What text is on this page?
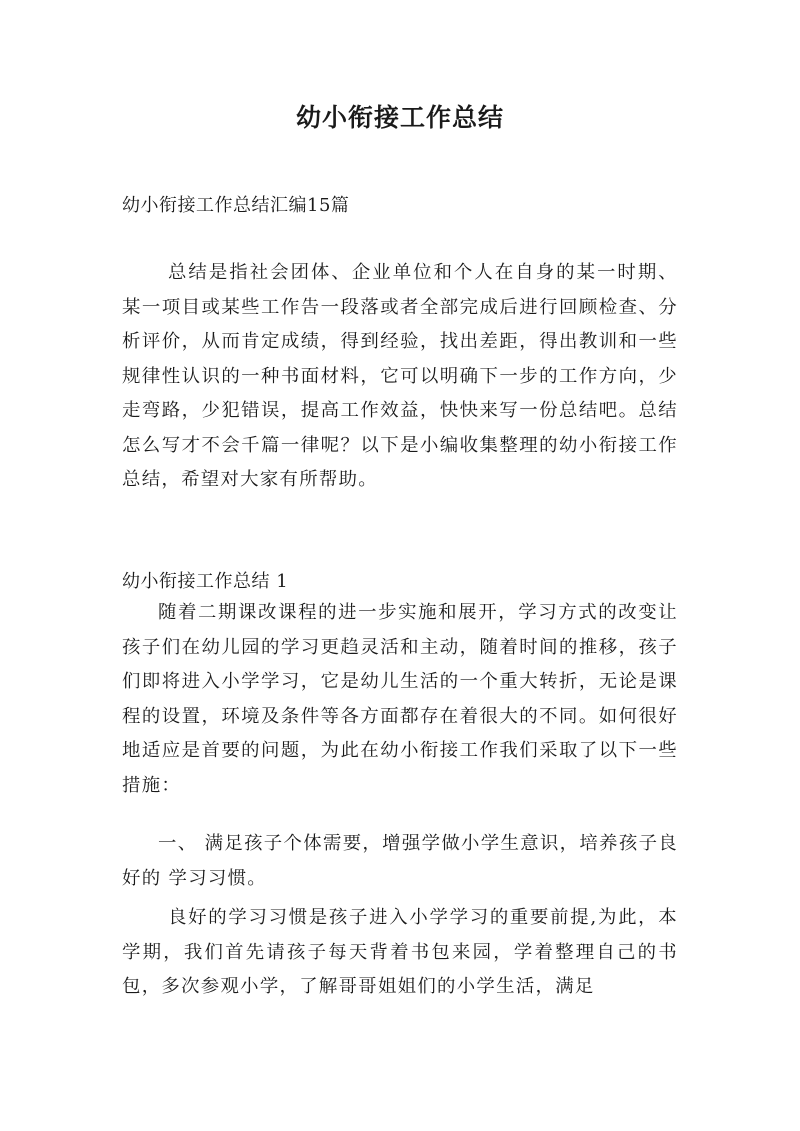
幼小衔接工作总结

幼小衔接工作总结汇编15篇

总结是指社会团体、企业单位和个人在自身的某一时期、某一项目或某些工作告一段落或者全部完成后进行回顾检查、分析评价，从而肯定成绩，得到经验，找出差距，得出教训和一些规律性认识的一种书面材料，它可以明确下一步的工作方向，少走弯路，少犯错误，提高工作效益，快快来写一份总结吧。总结怎么写才不会千篇一律呢？以下是小编收集整理的幼小衔接工作总结，希望对大家有所帮助。

幼小衔接工作总结 1

随着二期课改课程的进一步实施和展开，学习方式的改变让孩子们在幼儿园的学习更趋灵活和主动，随着时间的推移，孩子们即将进入小学学习，它是幼儿生活的一个重大转折，无论是课程的设置，环境及条件等各方面都存在着很大的不同。如何很好地适应是首要的问题，为此在幼小衔接工作我们采取了以下一些措施：

一、 满足孩子个体需要，增强学做小学生意识，培养孩子良好的 学习习惯。

良好的学习习惯是孩子进入小学学习的重要前提,为此，本学期，我们首先请孩子每天背着书包来园，学着整理自己的书包，多次参观小学，了解哥哥姐姐们的小学生活，满足
